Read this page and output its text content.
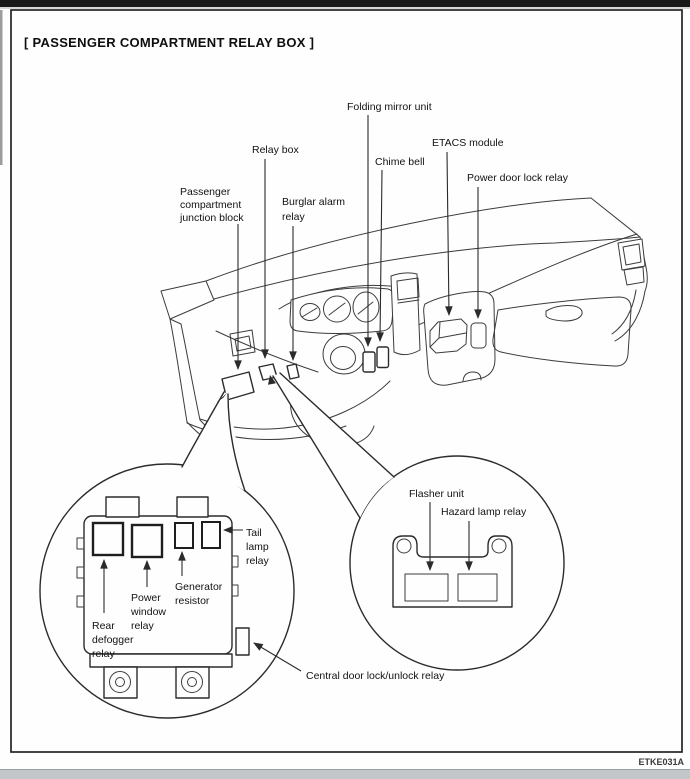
[ PASSENGER COMPARTMENT RELAY BOX ]
Folding mirror unit
Relay box
ETACS module
Chime bell
Power door lock relay
Passenger
compartment
junction block
Burglar alarm
relay
Tail
lamp
relay
Generator
resistor
Power
window
relay
Rear
defogger
relay
Flasher unit
Hazard lamp relay
Central door lock/unlock relay
ETKE031A
